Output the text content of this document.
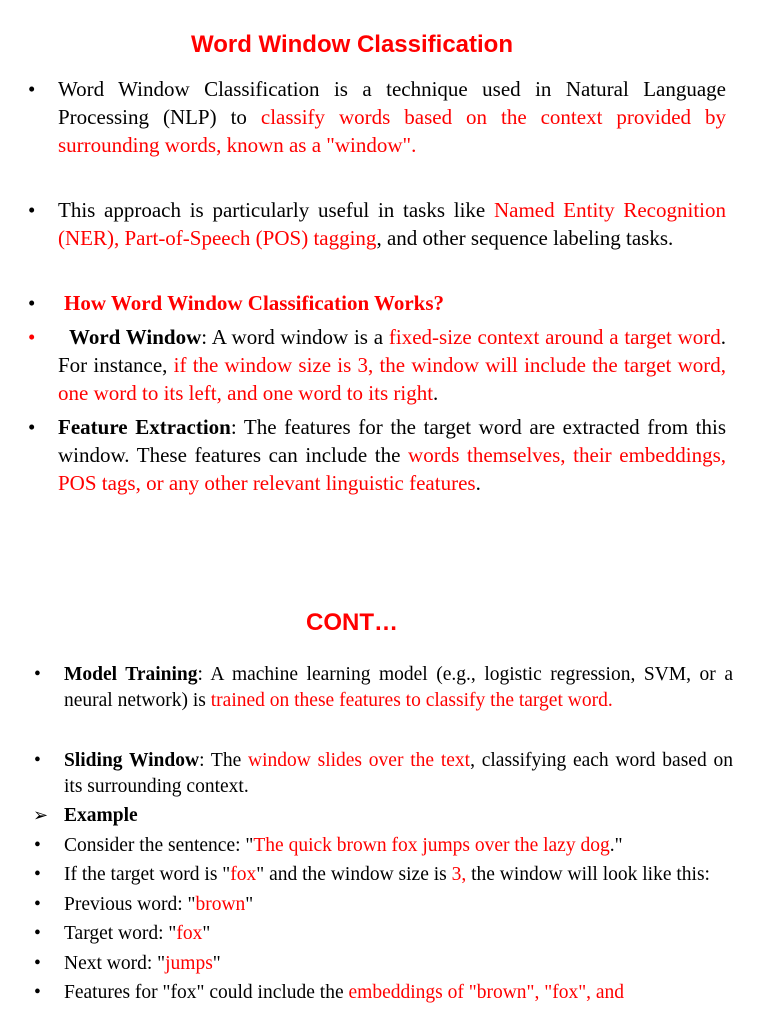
Word Window Classification
• Word Window Classification is a technique used in Natural Language Processing (NLP) to classify words based on the context provided by surrounding words, known as a "window".
• This approach is particularly useful in tasks like Named Entity Recognition (NER), Part-of-Speech (POS) tagging, and other sequence labeling tasks.
• How Word Window Classification Works?
• Word Window: A word window is a fixed-size context around a target word. For instance, if the window size is 3, the window will include the target word, one word to its left, and one word to its right.
• Feature Extraction: The features for the target word are extracted from this window. These features can include the words themselves, their embeddings, POS tags, or any other relevant linguistic features.
CONT…
• Model Training: A machine learning model (e.g., logistic regression, SVM, or a neural network) is trained on these features to classify the target word.
• Sliding Window: The window slides over the text, classifying each word based on its surrounding context.
➢ Example
• Consider the sentence: "The quick brown fox jumps over the lazy dog."
• If the target word is "fox" and the window size is 3, the window will look like this:
• Previous word: "brown"
• Target word: "fox"
• Next word: "jumps"
• Features for "fox" could include the embeddings of "brown", "fox", and
